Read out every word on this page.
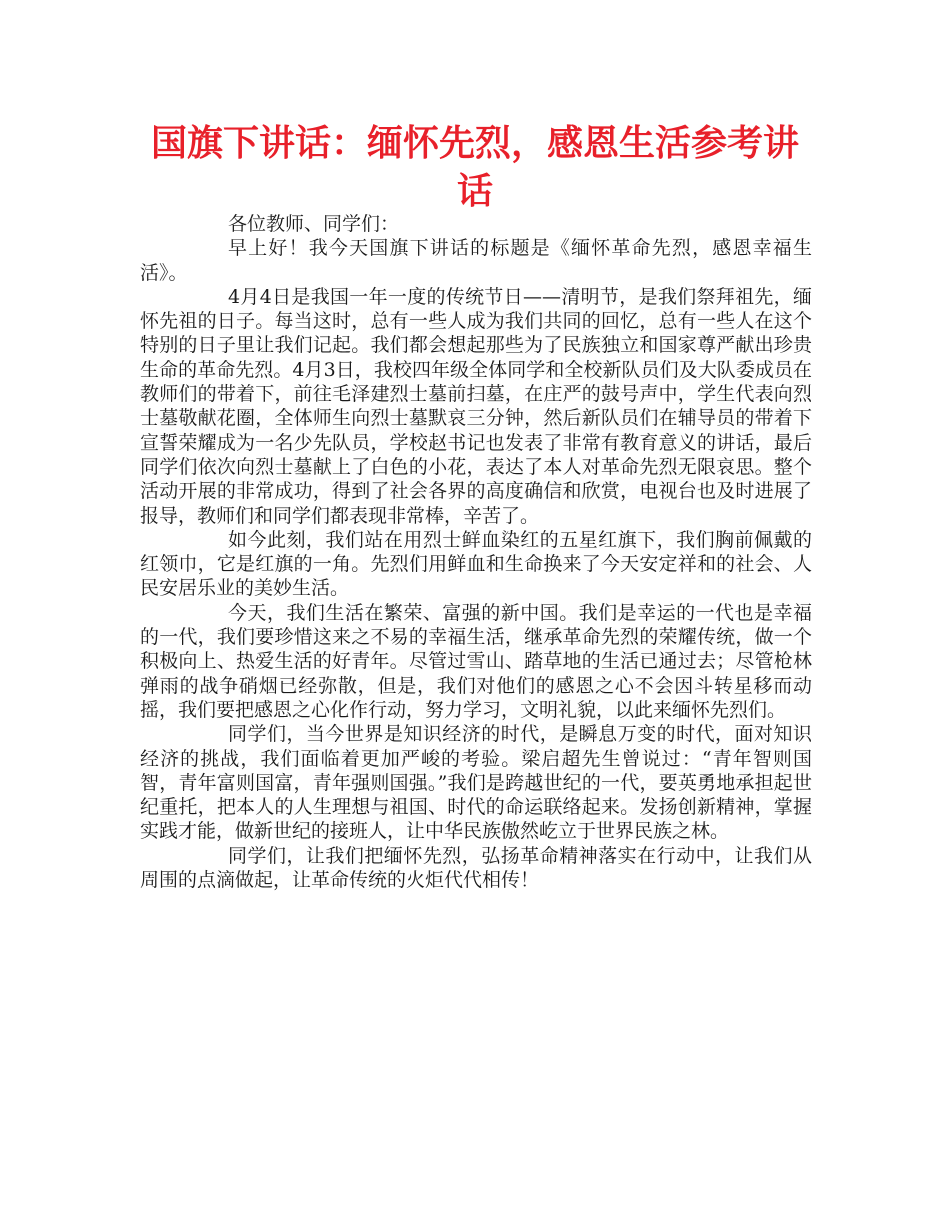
国旗下讲话：缅怀先烈，感恩生活参考讲话

各位教师、同学们：

早上好！我今天国旗下讲话的标题是《缅怀革命先烈，感恩幸福生活》。

4月4日是我国一年一度的传统节日——清明节，是我们祭拜祖先，缅怀先祖的日子。每当这时，总有一些人成为我们共同的回忆，总有一些人在这个特别的日子里让我们记起。我们都会想起那些为了民族独立和国家尊严献出珍贵生命的革命先烈。4月3日，我校四年级全体同学和全校新队员们及大队委成员在教师们的带着下，前往毛泽建烈士墓前扫墓，在庄严的鼓号声中，学生代表向烈士墓敬献花圈，全体师生向烈士墓默哀三分钟，然后新队员们在辅导员的带着下宣誓荣耀成为一名少先队员，学校赵书记也发表了非常有教育意义的讲话，最后同学们依次向烈士墓献上了白色的小花，表达了本人对革命先烈无限哀思。整个活动开展的非常成功，得到了社会各界的高度确信和欣赏，电视台也及时进展了报导，教师们和同学们都表现非常棒，辛苦了。

如今此刻，我们站在用烈士鲜血染红的五星红旗下，我们胸前佩戴的红领巾，它是红旗的一角。先烈们用鲜血和生命换来了今天安定祥和的社会、人民安居乐业的美妙生活。

今天，我们生活在繁荣、富强的新中国。我们是幸运的一代也是幸福的一代，我们要珍惜这来之不易的幸福生活，继承革命先烈的荣耀传统，做一个积极向上、热爱生活的好青年。尽管过雪山、踏草地的生活已通过去；尽管枪林弹雨的战争硝烟已经弥散，但是，我们对他们的感恩之心不会因斗转星移而动摇，我们要把感恩之心化作行动，努力学习，文明礼貌，以此来缅怀先烈们。

同学们，当今世界是知识经济的时代，是瞬息万变的时代，面对知识经济的挑战，我们面临着更加严峻的考验。梁启超先生曾说过：“青年智则国智，青年富则国富，青年强则国强。”我们是跨越世纪的一代，要英勇地承担起世纪重托，把本人的人生理想与祖国、时代的命运联络起来。发扬创新精神，掌握实践才能，做新世纪的接班人，让中华民族傲然屹立于世界民族之林。

同学们，让我们把缅怀先烈，弘扬革命精神落实在行动中，让我们从周围的点滴做起，让革命传统的火炬代代相传！
